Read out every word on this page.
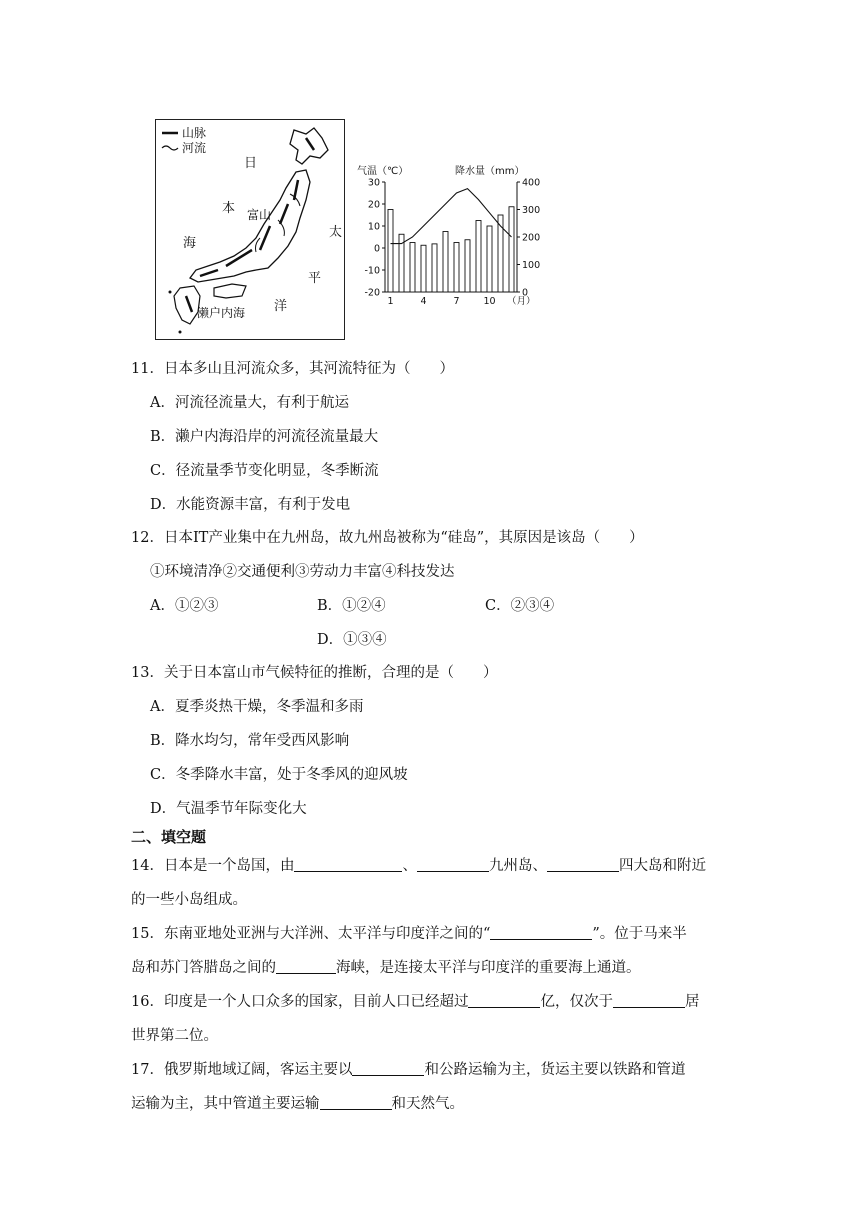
山脉
河流
日
本
海
富山
太
平
洋
濑户内海
气温（℃）	降水量（mm）
30
20
10
0
-10
-20
400
300
200
100
0
1	4	7	10 （月）
11．日本多山且河流众多，其河流特征为（　　）
A．河流径流量大，有利于航运
B．濑户内海沿岸的河流径流量最大
C．径流量季节变化明显，冬季断流
D．水能资源丰富，有利于发电
12．日本IT产业集中在九州岛，故九州岛被称为“硅岛”，其原因是该岛（　　）
①环境清净②交通便利③劳动力丰富④科技发达
A．①②③	B．①②④	C．②③④
D．①③④
13．关于日本富山市气候特征的推断，合理的是（　　）
A．夏季炎热干燥，冬季温和多雨
B．降水均匀，常年受西风影响
C．冬季降水丰富，处于冬季风的迎风坡
D．气温季节年际变化大
二、填空题
14．日本是一个岛国，由	、	九州岛、	四大岛和附近
的一些小岛组成。
15．东南亚地处亚洲与大洋洲、太平洋与印度洋之间的“	”。位于马来半
岛和苏门答腊岛之间的	海峡，是连接太平洋与印度洋的重要海上通道。
16．印度是一个人口众多的国家，目前人口已经超过	亿，仅次于	居
世界第二位。
17．俄罗斯地域辽阔，客运主要以	和公路运输为主，货运主要以铁路和管道
运输为主，其中管道主要运输	和天然气。
